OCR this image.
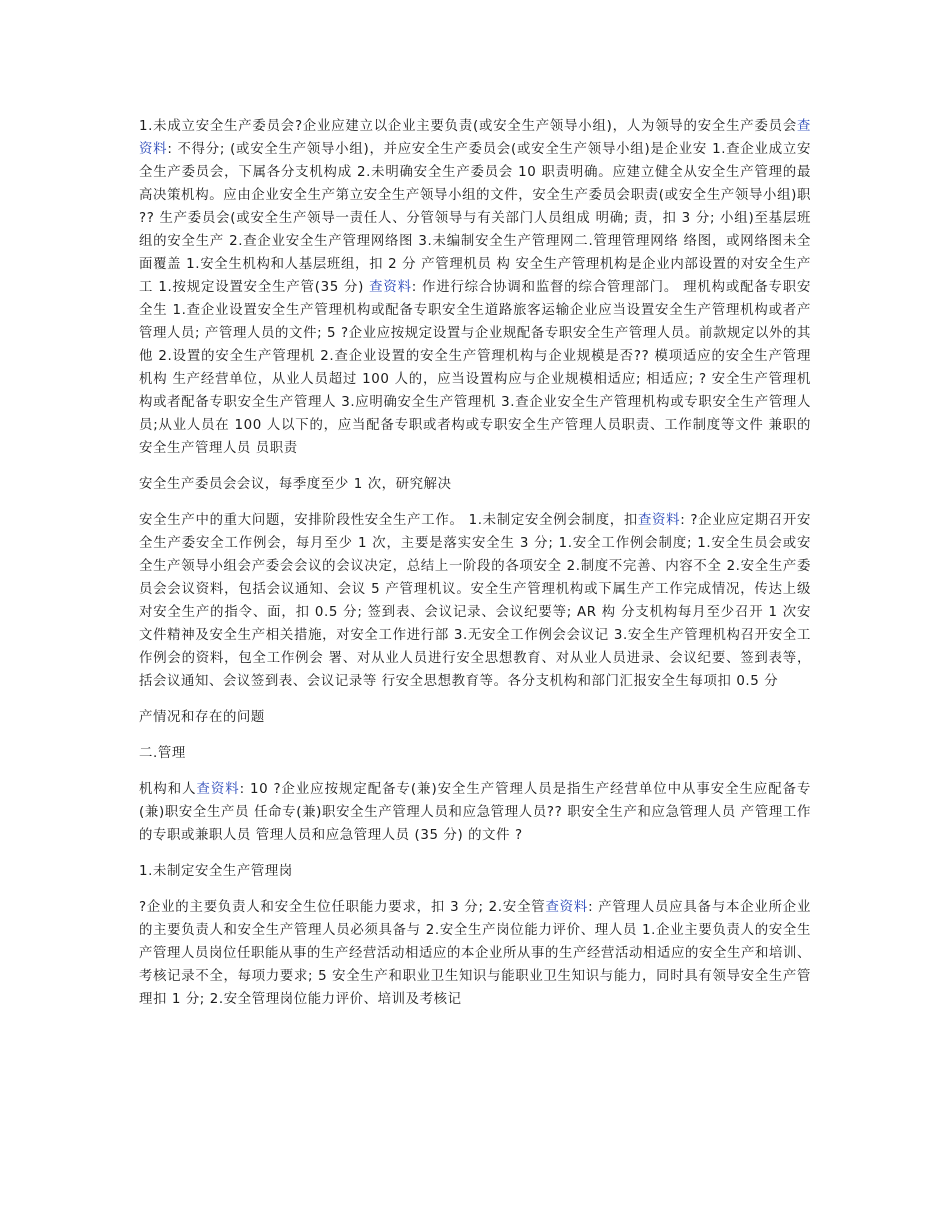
1.未成立安全生产委员会?企业应建立以企业主要负责(或安全生产领导小组)，人为领导的安全生产委员会查资料: 不得分; (或安全生产领导小组)，并应安全生产委员会(或安全生产领导小组)是企业安 1.查企业成立安全生产委员会，下属各分支机构成 2.未明确安全生产委员会 10 职责明确。应建立健全从安全生产管理的最高决策机构。应由企业安全生产第立安全生产领导小组的文件，安全生产委员会职责(或安全生产领导小组)职 ?? 生产委员会(或安全生产领导一责任人、分管领导与有关部门人员组成 明确; 责，扣 3 分; 小组)至基层班组的安全生产 2.查企业安全生产管理网络图 3.未编制安全生产管理网二.管理管理网络 络图，或网络图未全面覆盖 1.安全生机构和人基层班组，扣 2 分 产管理机员 构 安全生产管理机构是企业内部设置的对安全生产工 1.按规定设置安全生产管(35 分) 查资料: 作进行综合协调和监督的综合管理部门。 理机构或配备专职安全生 1.查企业设置安全生产管理机构或配备专职安全生道路旅客运输企业应当设置安全生产管理机构或者产管理人员; 产管理人员的文件; 5 ?企业应按规定设置与企业规配备专职安全生产管理人员。前款规定以外的其他 2.设置的安全生产管理机 2.查企业设置的安全生产管理机构与企业规模是否?? 模项适应的安全生产管理机构 生产经营单位，从业人员超过 100 人的，应当设置构应与企业规模相适应; 相适应; ? 安全生产管理机构或者配备专职安全生产管理人 3.应明确安全生产管理机 3.查企业安全生产管理机构或专职安全生产管理人员;从业人员在 100 人以下的，应当配备专职或者构或专职安全生产管理人员职责、工作制度等文件 兼职的安全生产管理人员 员职责

安全生产委员会会议，每季度至少 1 次，研究解决

安全生产中的重大问题，安排阶段性安全生产工作。 1.未制定安全例会制度，扣查资料: ?企业应定期召开安全生产委安全工作例会，每月至少 1 次，主要是落实安全生 3 分; 1.安全工作例会制度; 1.安全生员会或安全生产领导小组会产委会会议的会议决定，总结上一阶段的各项安全 2.制度不完善、内容不全 2.安全生产委员会会议资料，包括会议通知、会议 5 产管理机议。安全生产管理机构或下属生产工作完成情况，传达上级对安全生产的指令、面，扣 0.5 分; 签到表、会议记录、会议纪要等; AR 构 分支机构每月至少召开 1 次安文件精神及安全生产相关措施，对安全工作进行部 3.无安全工作例会会议记 3.安全生产管理机构召开安全工作例会的资料，包全工作例会 署、对从业人员进行安全思想教育、对从业人员进录、会议纪要、签到表等，括会议通知、会议签到表、会议记录等 行安全思想教育等。各分支机构和部门汇报安全生每项扣 0.5 分

产情况和存在的问题

二.管理

机构和人查资料: 10 ?企业应按规定配备专(兼)安全生产管理人员是指生产经营单位中从事安全生应配备专(兼)职安全生产员 任命专(兼)职安全生产管理人员和应急管理人员?? 职安全生产和应急管理人员 产管理工作的专职或兼职人员 管理人员和应急管理人员 (35 分) 的文件 ?

1.未制定安全生产管理岗

?企业的主要负责人和安全生位任职能力要求，扣 3 分; 2.安全管查资料: 产管理人员应具备与本企业所企业的主要负责人和安全生产管理人员必须具备与 2.安全生产岗位能力评价、理人员 1.企业主要负责人的安全生产管理人员岗位任职能从事的生产经营活动相适应的本企业所从事的生产经营活动相适应的安全生产和培训、考核记录不全，每项力要求; 5 安全生产和职业卫生知识与能职业卫生知识与能力，同时具有领导安全生产管理扣 1 分; 2.安全管理岗位能力评价、培训及考核记
